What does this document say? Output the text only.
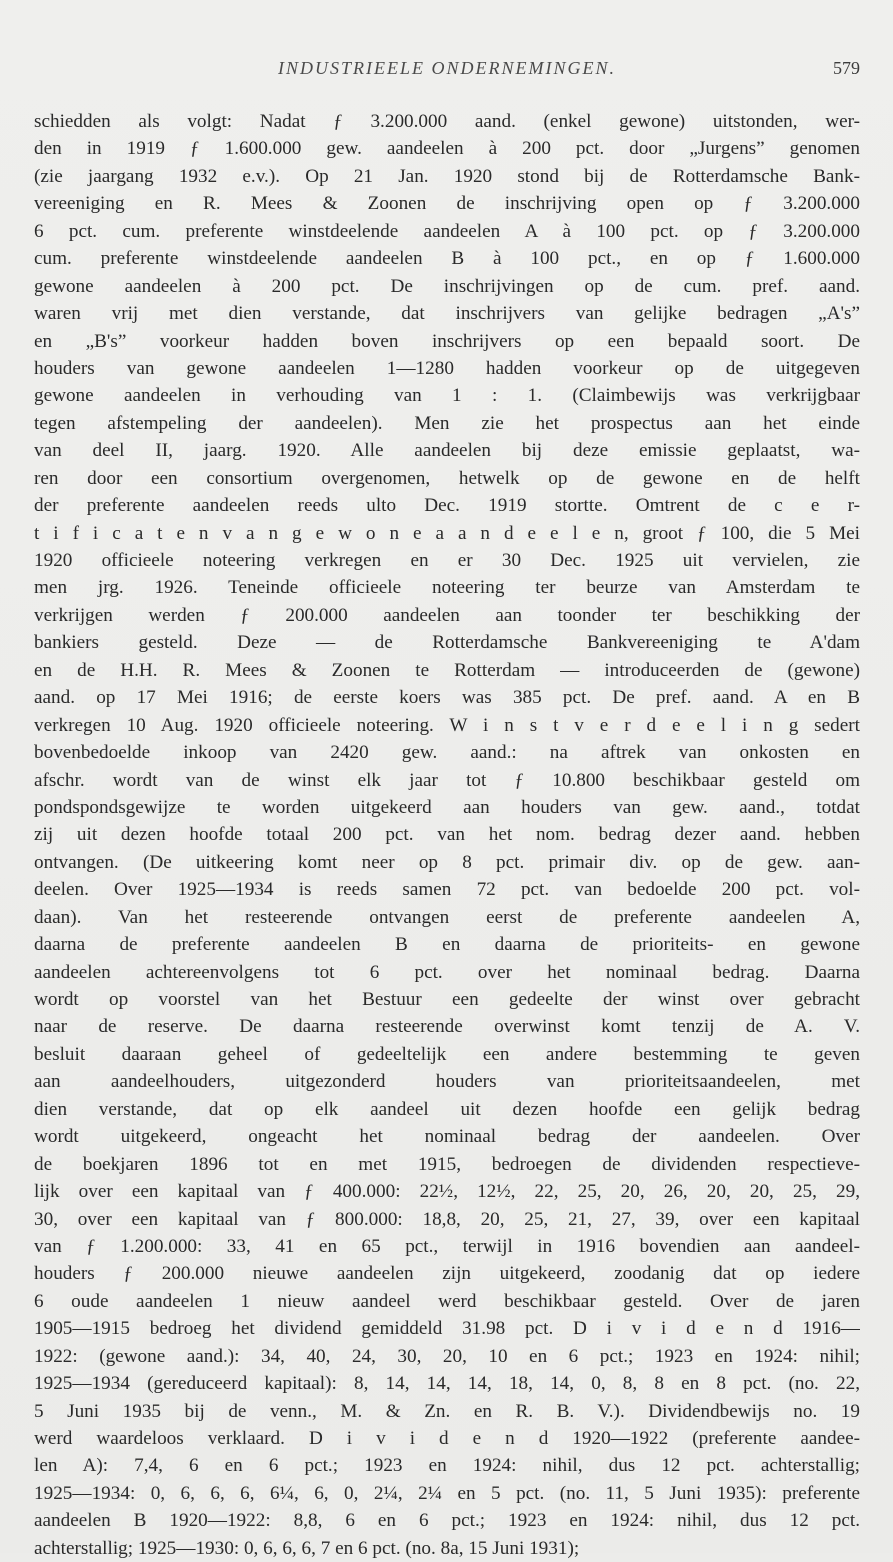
INDUSTRIEELE ONDERNEMINGEN.	579
schiedden als volgt: Nadat ƒ 3.200.000 aand. (enkel gewone) uitstonden, wer-
den in 1919 ƒ 1.600.000 gew. aandeelen à 200 pct. door „Jurgens” genomen
(zie jaargang 1932 e.v.). Op 21 Jan. 1920 stond bij de Rotterdamsche Bank-
vereeniging en R. Mees & Zoonen de inschrijving open op ƒ 3.200.000
6 pct. cum. preferente winstdeelende aandeelen A à 100 pct. op ƒ 3.200.000
cum. preferente winstdeelende aandeelen B à 100 pct., en op ƒ 1.600.000
gewone aandeelen à 200 pct. De inschrijvingen op de cum. pref. aand.
waren vrij met dien verstande, dat inschrijvers van gelijke bedragen „A's”
en „B's” voorkeur hadden boven inschrijvers op een bepaald soort. De
houders van gewone aandeelen 1—1280 hadden voorkeur op de uitgegeven
gewone aandeelen in verhouding van 1 : 1. (Claimbewijs was verkrijgbaar
tegen afstempeling der aandeelen). Men zie het prospectus aan het einde
van deel II, jaarg. 1920. Alle aandeelen bij deze emissie geplaatst, wa-
ren door een consortium overgenomen, hetwelk op de gewone en de helft
der preferente aandeelen reeds ulto Dec. 1919 stortte. Omtrent de c e r-
t i f i c a t e n v a n g e w o n e a a n d e e l e n, groot ƒ 100, die 5 Mei
1920 officieele noteering verkregen en er 30 Dec. 1925 uit vervielen, zie
men jrg. 1926. Teneinde officieele noteering ter beurze van Amsterdam te
verkrijgen werden ƒ 200.000 aandeelen aan toonder ter beschikking der
bankiers gesteld. Deze — de Rotterdamsche Bankvereeniging te A'dam
en de H.H. R. Mees & Zoonen te Rotterdam — introduceerden de (gewone)
aand. op 17 Mei 1916; de eerste koers was 385 pct. De pref. aand. A en B
verkregen 10 Aug. 1920 officieele noteering. W i n s t v e r d e e l i n g sedert
bovenbedoelde inkoop van 2420 gew. aand.: na aftrek van onkosten en
afschr. wordt van de winst elk jaar tot ƒ 10.800 beschikbaar gesteld om
pondspondsgewijze te worden uitgekeerd aan houders van gew. aand., totdat
zij uit dezen hoofde totaal 200 pct. van het nom. bedrag dezer aand. hebben
ontvangen. (De uitkeering komt neer op 8 pct. primair div. op de gew. aan-
deelen. Over 1925—1934 is reeds samen 72 pct. van bedoelde 200 pct. vol-
daan). Van het resteerende ontvangen eerst de preferente aandeelen A,
daarna de preferente aandeelen B en daarna de prioriteits- en gewone
aandeelen achtereenvolgens tot 6 pct. over het nominaal bedrag. Daarna
wordt op voorstel van het Bestuur een gedeelte der winst over gebracht
naar de reserve. De daarna resteerende overwinst komt tenzij de A. V.
besluit daaraan geheel of gedeeltelijk een andere bestemming te geven
aan aandeelhouders, uitgezonderd houders van prioriteitsaandeelen, met
dien verstande, dat op elk aandeel uit dezen hoofde een gelijk bedrag
wordt uitgekeerd, ongeacht het nominaal bedrag der aandeelen. Over
de boekjaren 1896 tot en met 1915, bedroegen de dividenden respectieve-
lijk over een kapitaal van ƒ 400.000: 22½, 12½, 22, 25, 20, 26, 20, 20, 25, 29,
30, over een kapitaal van ƒ 800.000: 18,8, 20, 25, 21, 27, 39, over een kapitaal
van ƒ 1.200.000: 33, 41 en 65 pct., terwijl in 1916 bovendien aan aandeel-
houders ƒ 200.000 nieuwe aandeelen zijn uitgekeerd, zoodanig dat op iedere
6 oude aandeelen 1 nieuw aandeel werd beschikbaar gesteld. Over de jaren
1905—1915 bedroeg het dividend gemiddeld 31.98 pct. D i v i d e n d 1916—
1922: (gewone aand.): 34, 40, 24, 30, 20, 10 en 6 pct.; 1923 en 1924: nihil;
1925—1934 (gereduceerd kapitaal): 8, 14, 14, 14, 18, 14, 0, 8, 8 en 8 pct. (no. 22,
5 Juni 1935 bij de venn., M. & Zn. en R. B. V.). Dividendbewijs no. 19
werd waardeloos verklaard. D i v i d e n d 1920—1922 (preferente aandee-
len A): 7,4, 6 en 6 pct.; 1923 en 1924: nihil, dus 12 pct. achterstallig;
1925—1934: 0, 6, 6, 6, 6¼, 6, 0, 2¼, 2¼ en 5 pct. (no. 11, 5 Juni 1935): preferente
aandeelen B 1920—1922: 8,8, 6 en 6 pct.; 1923 en 1924: nihil, dus 12 pct.
achterstallig; 1925—1930: 0, 6, 6, 6, 7 en 6 pct. (no. 8a, 15 Juni 1931);
